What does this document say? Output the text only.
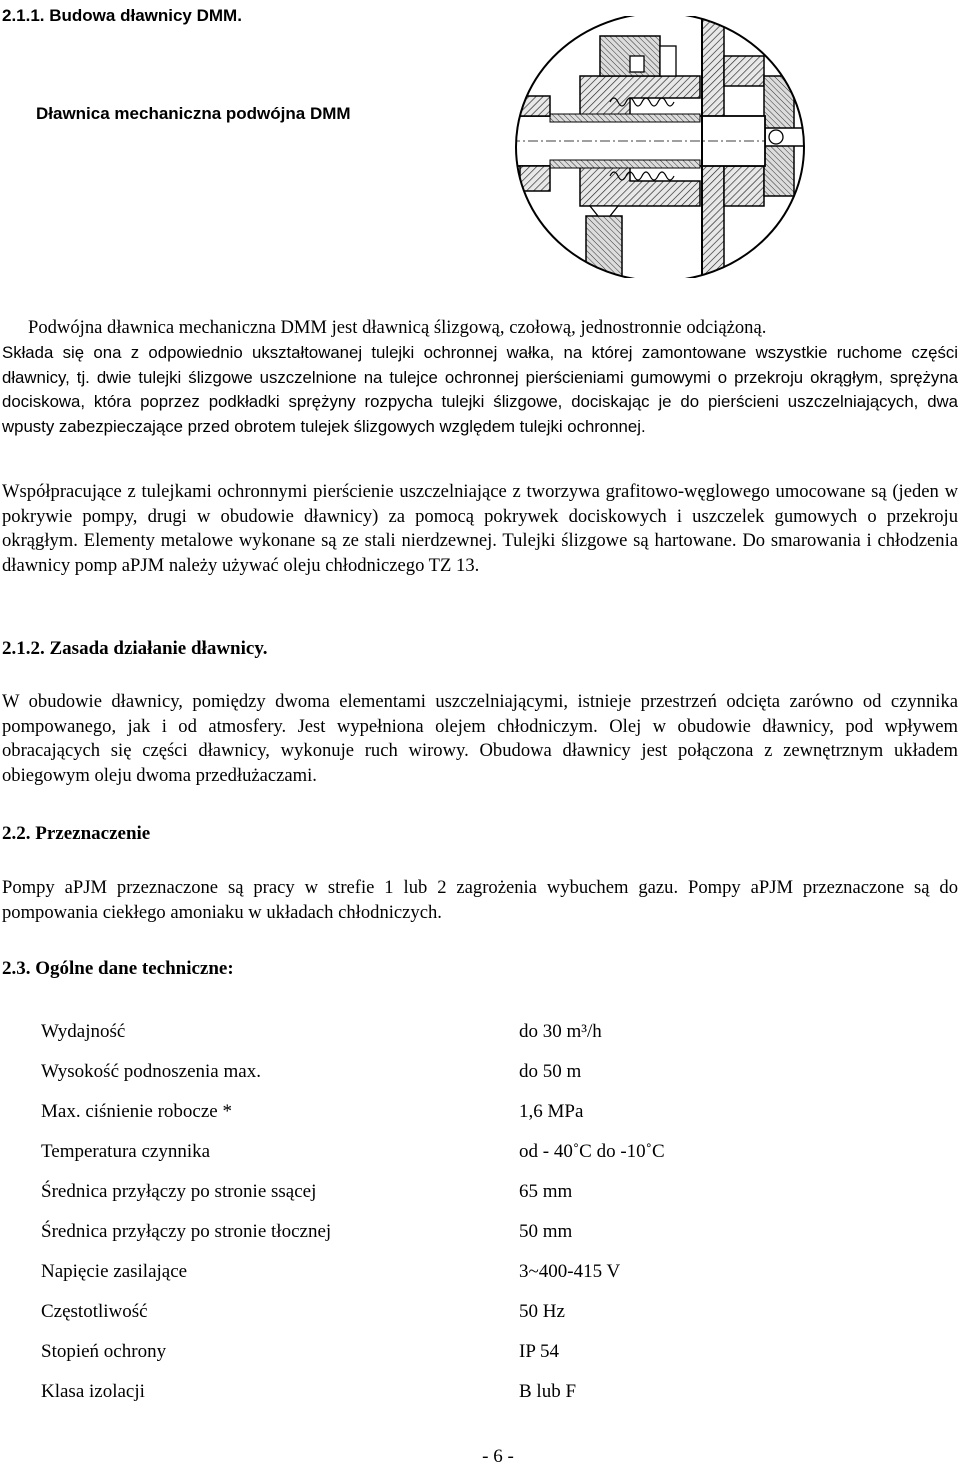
2.1.1. Budowa dławnicy DMM.
Dławnica mechaniczna podwójna DMM

Podwójna dławnica mechaniczna DMM jest dławnicą ślizgową, czołową, jednostronnie odciążoną.

Składa się ona z odpowiednio ukształtowanej tulejki ochronnej wałka, na której zamontowane wszystkie ruchome części dławnicy, tj. dwie tulejki ślizgowe uszczelnione na tulejce ochronnej pierścieniami gumowymi o przekroju okrągłym, sprężyna dociskowa, która poprzez podkładki sprężyny rozpycha tulejki ślizgowe, dociskając je do pierścieni uszczelniających, dwa wpusty zabezpieczające przed obrotem tulejek ślizgowych względem tulejki ochronnej.

Współpracujące z tulejkami ochronnymi pierścienie uszczelniające z tworzywa grafitowo-węglowego umocowane są (jeden w pokrywie pompy, drugi w obudowie dławnicy) za pomocą pokrywek dociskowych i uszczelek gumowych o przekroju okrągłym. Elementy metalowe wykonane są ze stali nierdzewnej. Tulejki ślizgowe są hartowane. Do smarowania i chłodzenia dławnicy pomp aPJM należy używać oleju chłodniczego TZ 13.

2.1.2. Zasada działanie dławnicy.

W obudowie dławnicy, pomiędzy dwoma elementami uszczelniającymi, istnieje przestrzeń odcięta zarówno od czynnika pompowanego, jak i od atmosfery. Jest wypełniona olejem chłodniczym. Olej w obudowie dławnicy, pod wpływem obracających się części dławnicy, wykonuje ruch wirowy. Obudowa dławnicy jest połączona z zewnętrznym układem obiegowym oleju dwoma przedłużaczami.

2.2. Przeznaczenie

Pompy aPJM przeznaczone są pracy w strefie 1 lub 2 zagrożenia wybuchem gazu. Pompy aPJM przeznaczone są do pompowania ciekłego amoniaku w układach chłodniczych.

2.3. Ogólne dane techniczne:
Wydajność	do 30 m³/h
Wysokość podnoszenia max.	do 50 m
Max. ciśnienie robocze *	1,6 MPa
Temperatura czynnika	od - 40˚C do -10˚C
Średnica przyłączy po stronie ssącej	65 mm
Średnica przyłączy po stronie tłocznej	50 mm
Napięcie zasilające	3~400-415 V
Częstotliwość	50 Hz
Stopień ochrony	IP 54
Klasa izolacji	B lub F
- 6 -
